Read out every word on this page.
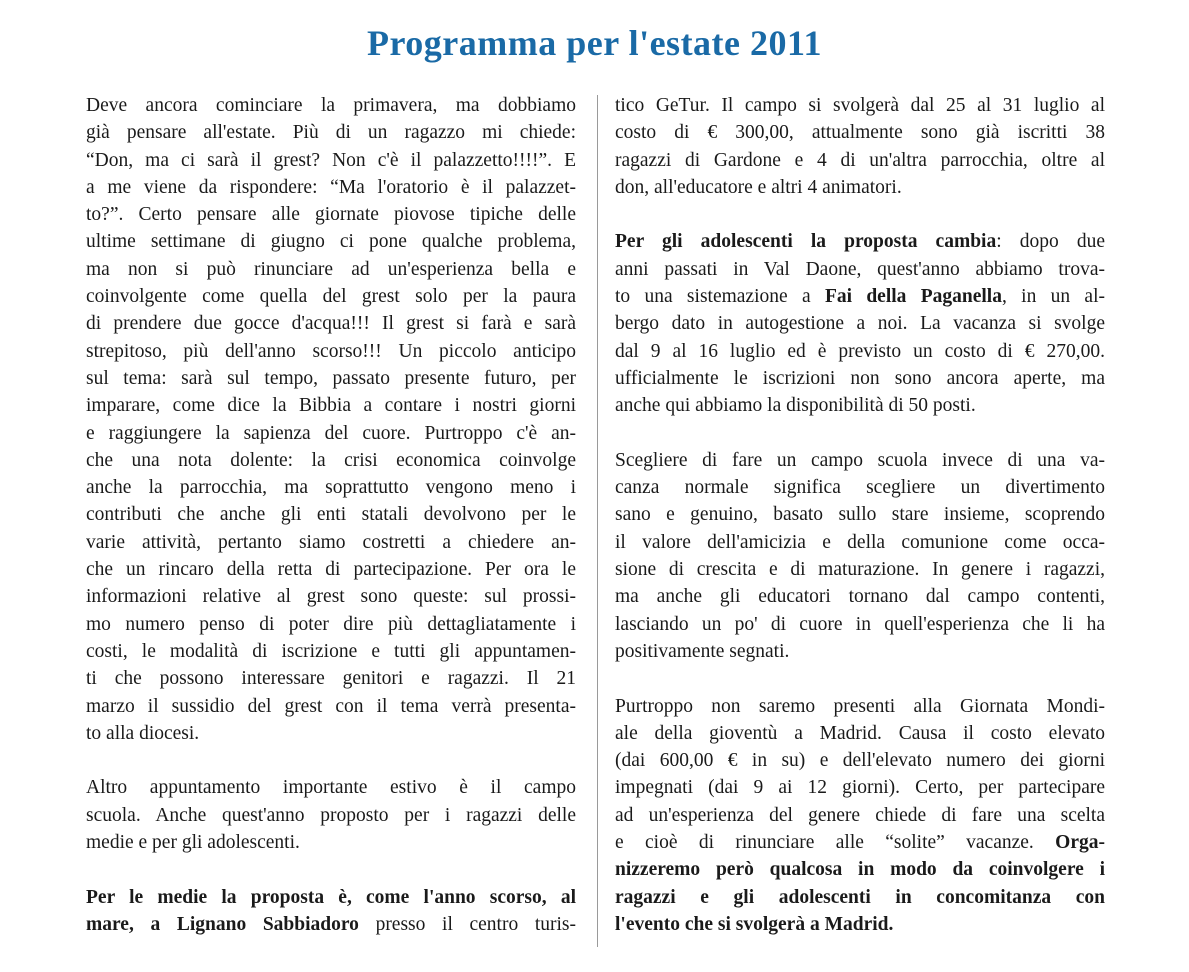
Programma per l'estate 2011
Deve ancora cominciare la primavera, ma dobbiamo
già pensare all'estate. Più di un ragazzo mi chiede:
“Don, ma ci sarà il grest? Non c'è il palazzetto!!!!”. E
a me viene da rispondere: “Ma l'oratorio è il palazzet-
to?”. Certo pensare alle giornate piovose tipiche delle
ultime settimane di giugno ci pone qualche problema,
ma non si può rinunciare ad un'esperienza bella e
coinvolgente come quella del grest solo per la paura
di prendere due gocce d'acqua!!! Il grest si farà e sarà
strepitoso, più dell'anno scorso!!! Un piccolo anticipo
sul tema: sarà sul tempo, passato presente futuro, per
imparare, come dice la Bibbia a contare i nostri giorni
e raggiungere la sapienza del cuore. Purtroppo c'è an-
che una nota dolente: la crisi economica coinvolge
anche la parrocchia, ma soprattutto vengono meno i
contributi che anche gli enti statali devolvono per le
varie attività, pertanto siamo costretti a chiedere an-
che un rincaro della retta di partecipazione. Per ora le
informazioni relative al grest sono queste: sul prossi-
mo numero penso di poter dire più dettagliatamente i
costi, le modalità di iscrizione e tutti gli appuntamen-
ti che possono interessare genitori e ragazzi. Il 21
marzo il sussidio del grest con il tema verrà presenta-
to alla diocesi.
Altro appuntamento importante estivo è il campo
scuola. Anche quest'anno proposto per i ragazzi delle
medie e per gli adolescenti.
Per le medie la proposta è, come l'anno scorso, al
mare, a Lignano Sabbiadoro presso il centro turis-
tico GeTur. Il campo si svolgerà dal 25 al 31 luglio al
costo di € 300,00, attualmente sono già iscritti 38
ragazzi di Gardone e 4 di un'altra parrocchia, oltre al
don, all'educatore e altri 4 animatori.
Per gli adolescenti la proposta cambia: dopo due
anni passati in Val Daone, quest'anno abbiamo trova-
to una sistemazione a Fai della Paganella, in un al-
bergo dato in autogestione a noi. La vacanza si svolge
dal 9 al 16 luglio ed è previsto un costo di € 270,00.
ufficialmente le iscrizioni non sono ancora aperte, ma
anche qui abbiamo la disponibilità di 50 posti.
Scegliere di fare un campo scuola invece di una va-
canza normale significa scegliere un divertimento
sano e genuino, basato sullo stare insieme, scoprendo
il valore dell'amicizia e della comunione come occa-
sione di crescita e di maturazione. In genere i ragazzi,
ma anche gli educatori tornano dal campo contenti,
lasciando un po' di cuore in quell'esperienza che li ha
positivamente segnati.
Purtroppo non saremo presenti alla Giornata Mondi-
ale della gioventù a Madrid. Causa il costo elevato
(dai 600,00 € in su) e dell'elevato numero dei giorni
impegnati (dai 9 ai 12 giorni). Certo, per partecipare
ad un'esperienza del genere chiede di fare una scelta
e cioè di rinunciare alle “solite” vacanze. Orga-
nizzeremo però qualcosa in modo da coinvolgere i
ragazzi e gli adolescenti in concomitanza con
l'evento che si svolgerà a Madrid.
